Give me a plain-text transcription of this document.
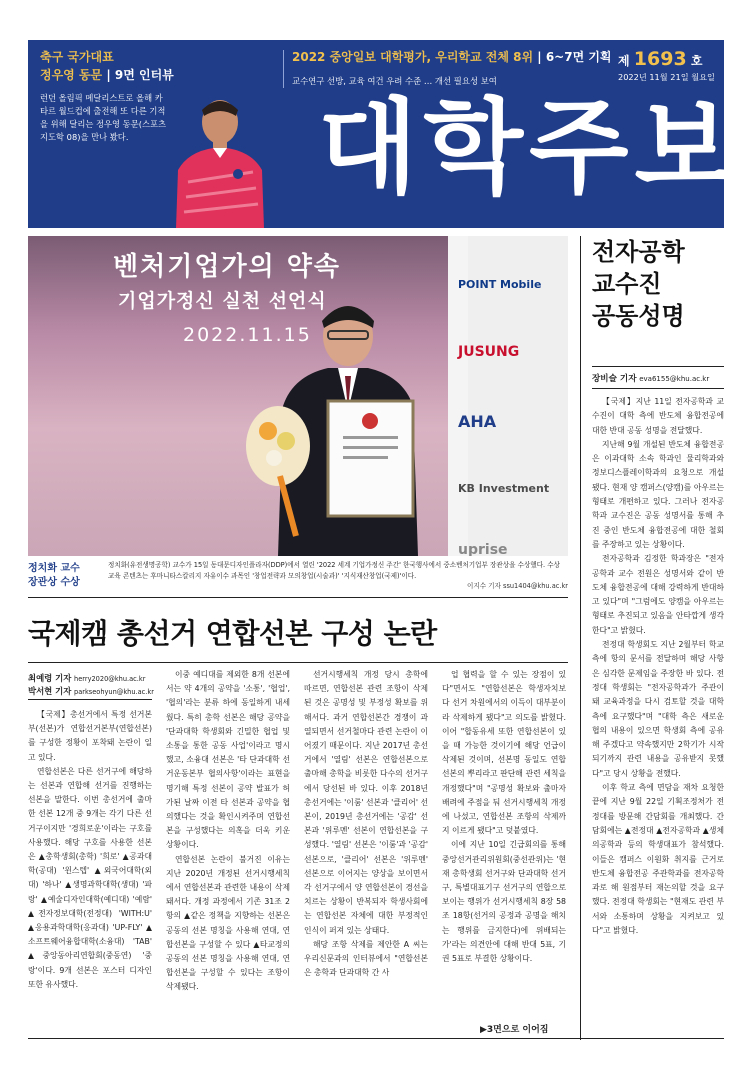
축구 국가대표
정우영 동문 | 9면 인터뷰
런던 올림픽 메달리스트로 올해 카타르 월드컵에 출전해 또 다른 기적을 위해 달리는 정우영 동문(스포츠지도학 08)을 만나 봤다.
2022 중앙일보 대학평가, 우리학교 전체 8위 | 6~7면 기획
교수연구 선방, 교육 여건 우려 수준 … 개선 필요성 보여
제 1693 호
2022년 11월 21일 월요일
대학주보
벤처기업가의 약속
기업가정신 실천 선언식
2022.11.15
POINT Mobile
JUSUNG
AHA
KB Investment
uprise
정치화 교수
장관상 수상
정치화(유전생명공학) 교수가 15일 동대문디자인플라자(DDP)에서 열린 '2022 세계 기업가정신 주간' 한국행사에서 중소벤처기업부 장관상을 수상했다. 수상 교육 콘텐츠는 후마니타스칼리지 자유이수 과목인 '창업전략과 모의창업(시술과)' '지식재산창업(국제)'이다.
이지수 기자 ssu1404@khu.ac.kr
전자공학
교수진
공동성명
장비슬 기자 eva6155@khu.ac.kr

【국제】지난 11일 전자공학과 교수진이 대학 측에 반도체 융합전공에 대한 반대 공동 성명을 전달했다.

지난해 9월 개설된 반도체 융합전공은 이과대학 소속 학과인 물리학과와 정보디스플레이학과의 요청으로 개설됐다. 현재 양 캠퍼스(양캠)를 아우르는 형태로 개편하고 있다. 그러나 전자공학과 교수진은 공동 성명서를 통해 추진 중인 반도체 융합전공에 대한 철회를 주장하고 있는 상황이다.

전자공학과 김정한 학과장은 "전자공학과 교수 전원은 성명서와 같이 반도체 융합전공에 대해 강력하게 반대하고 있다"며 "그럼에도 양캠을 아우르는 형태로 추진되고 있음을 안타깝게 생각한다"고 밝혔다.

전정대 학생회도 지난 2월부터 학교 측에 항의 문서를 전달하며 해당 사항은 심각한 문제임을 주장한 바 있다. 전정대 학생회는 "전자공학과가 주관이 돼 교육과정을 다시 검토할 것을 대학 측에 요구했다"며 "대학 측은 새로운 협의 내용이 있으면 학생회 측에 공유해 주겠다고 약속했지만 2학기가 시작되기까지 관련 내용을 공유받지 못했다"고 당시 상황을 전했다.

이후 학교 측에 면담을 재차 요청한 끝에 지난 9월 22일 기획조정처가 전정대를 방문해 간담회를 개최했다. 간담회에는 ▲전정대 ▲전자공학과 ▲생체의공학과 등의 학생대표가 참석했다. 이들은 캠퍼스 이원화 취지를 근거로 반도체 융합전공 주관학과를 전자공학과로 해 원점부터 재논의할 것을 요구했다. 전정대 학생회는 "현재도 관련 부서와 소통하며 상황을 지켜보고 있다"고 밝혔다.

국제캠 총선거 연합선본 구성 논란
최예령 기자 herry2020@khu.ac.kr
박서현 기자 parkseohyun@khu.ac.kr

【국제】총선거에서 특정 선거본부(선본)가 연합선거본부(연합선본)를 구성한 정황이 포착돼 논란이 일고 있다.

연합선본은 다른 선거구에 해당하는 선본과 연합해 선거를 진행하는 선본을 말한다. 이번 총선거에 출마한 선본 12개 중 9개는 각기 다른 선거구이지만 '경희로운'이라는 구호를 사용했다. 해당 구호를 사용한 선본은 ▲총학생회(총학) '희로' ▲공과대학(공대) '윈스텝' ▲외국어대학(외대) '하나' ▲생명과학대학(생대) '파랑' ▲예술디자인대학(예디대) '예람' ▲전자정보대학(전정대) 'WITH:U' ▲응용과학대학(응과대) 'UP-FLY' ▲소프트웨어융합대학(소융대) 'TAB' ▲중앙동아리연합회(중동연) '중랑'이다. 9개 선본은 포스터 디자인 또한 유사했다.

이중 예디대를 제외한 8개 선본에서는 약 4개의 공약을 '소통', '협업', '협의'라는 분류 하에 동일하게 내세웠다. 특히 총학 선본은 해당 공약을 '단과대학 학생회와 긴밀한 협업 및 소통을 통한 공동 사업'이라고 명시했고, 소융대 선본은 '타 단과대학 선거운동본부 협의사항'이라는 표현을 명기해 특정 선본이 공약 발표가 허가된 날짜 이전 타 선본과 공약을 협의했다는 것을 확인시켜주며 연합선본을 구성했다는 의혹을 더욱 키운 상황이다.

연합선본 논란이 불거진 이유는 지난 2020년 개정된 선거시행세칙에서 연합선본과 관련한 내용이 삭제돼서다. 개정 과정에서 기존 31조 2항의 ▲같은 정책을 지향하는 선본은 공동의 선본 명칭을 사용해 연대, 연합선본을 구성할 수 있다 ▲타교정의 공동의 선본 명칭을 사용해 연대, 연합선본을 구성할 수 있다는 조항이 삭제됐다.

선거시행세칙 개정 당시 총학에 따르면, 연합선본 관련 조항이 삭제된 것은 공명성 및 부정성 확보를 위해서다. 과거 연합선본간 경쟁이 과열되면서 선거철마다 관련 논란이 이어졌기 때문이다. 지난 2017년 총선거에서 '열림' 선본은 연합선본으로 출마해 총학을 비롯한 다수의 선거구에서 당선된 바 있다. 이후 2018년 총선거에는 '이룸' 선본과 '클리어' 선본이, 2019년 총선거에는 '공감' 선본과 '위루멘' 선본이 연합선본을 구성했다. '열림' 선본은 '이룸'과 '공감' 선본으로, '클리어' 선본은 '위루멘' 선본으로 이어지는 양상을 보이면서 각 선거구에서 양 연합선본이 경선을 치르는 상황이 반복되자 학생사회에는 연합선본 자체에 대한 부정적인 인식이 퍼져 있는 상태다.

해당 조항 삭제를 제안한 A 씨는 우리신문과의 인터뷰에서 "연합선본은 총학과 단과대학 간 사

업 협력을 할 수 있는 장점이 있다"면서도 "연합선본은 학생자치보다 선거 차원에서의 이득이 대부분이라 삭제하게 됐다"고 의도를 밝혔다. 이어 "합동유세 또한 연합선본이 있을 때 가능한 것이기에 해당 언급이 삭제된 것이며, 선본명 동일도 연합선본의 뿌리라고 판단해 관련 세칙을 개정했다"며 "공명성 확보와 출마자 배려에 주점을 둬 선거시행세칙 개정에 나섰고, 연합선본 조항의 삭제까지 이르게 됐다"고 덧붙였다.

이에 지난 10일 긴급회의를 통해 중앙선거관리위원회(중선관위)는 '현재 총학생회 선거구와 단과대학 선거구, 특별대표기구 선거구의 연합으로 보이는 행위가 선거시행세칙 8장 58조 18항(선거의 공정과 공명을 해치는 행위를 금지한다)에 위배되는가'라는 의견안에 대해 반대 5표, 기권 5표로 부결한 상황이다.

▶3면으로 이어짐
